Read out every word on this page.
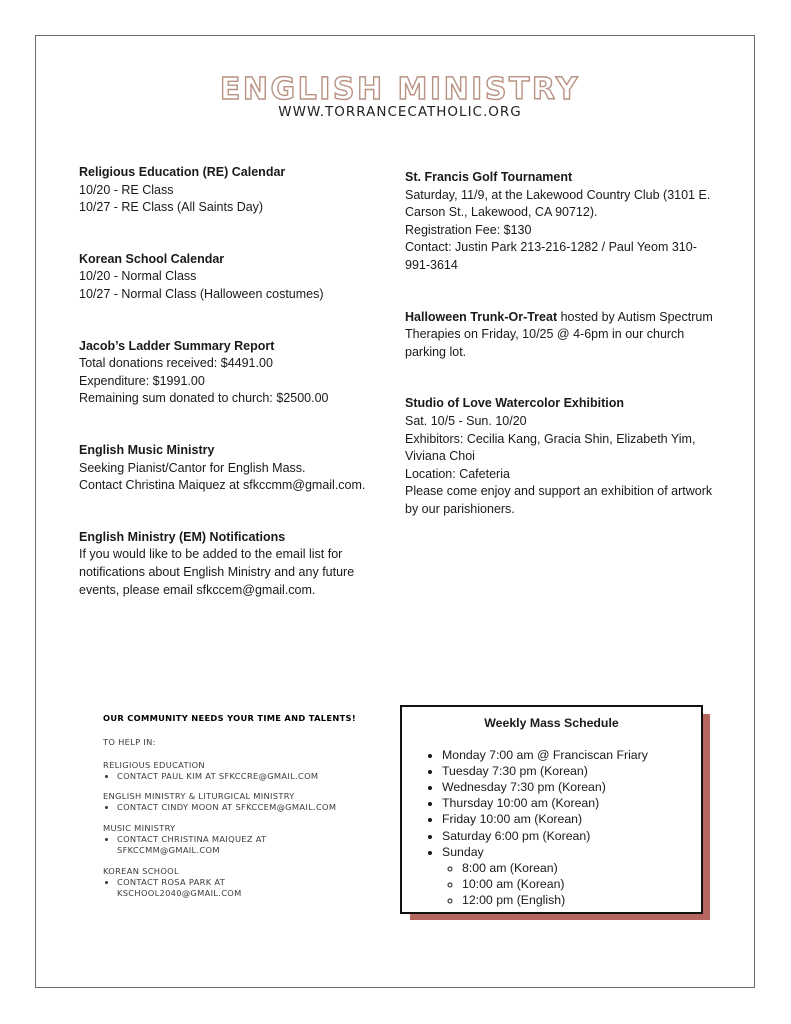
ENGLISH MINISTRY
WWW.TORRANCECATHOLIC.ORG
Religious Education (RE) Calendar
10/20 - RE Class
10/27 - RE Class (All Saints Day)
Korean School Calendar
10/20 - Normal Class
10/27 - Normal Class (Halloween costumes)
Jacob’s Ladder Summary Report
Total donations received: $4491.00
Expenditure: $1991.00
Remaining sum donated to church: $2500.00
English Music Ministry
Seeking Pianist/Cantor for English Mass.
Contact Christina Maiquez at sfkccmm@gmail.com.
English Ministry (EM) Notifications
If you would like to be added to the email list for
notifications about English Ministry and any future
events, please email sfkccem@gmail.com.
St. Francis Golf Tournament
Saturday, 11/9, at the Lakewood Country Club (3101 E.
Carson St., Lakewood, CA 90712).
Registration Fee: $130
Contact: Justin Park 213-216-1282 / Paul Yeom 310-
991-3614
Halloween Trunk-Or-Treat hosted by Autism Spectrum
Therapies on Friday, 10/25 @ 4-6pm in our church
parking lot.
Studio of Love Watercolor Exhibition
Sat. 10/5 - Sun. 10/20
Exhibitors: Cecilia Kang, Gracia Shin, Elizabeth Yim,
Viviana Choi
Location: Cafeteria
Please come enjoy and support an exhibition of artwork
by our parishioners.
OUR COMMUNITY NEEDS YOUR TIME AND TALENTS!
TO HELP IN:
RELIGIOUS EDUCATION
• CONTACT PAUL KIM AT SFKCCRE@GMAIL.COM
ENGLISH MINISTRY & LITURGICAL MINISTRY
• CONTACT CINDY MOON AT SFKCCEM@GMAIL.COM
MUSIC MINISTRY
• CONTACT CHRISTINA MAIQUEZ AT SFKCCMM@GMAIL.COM
KOREAN SCHOOL
• CONTACT ROSA PARK AT KSCHOOL2040@GMAIL.COM
Weekly Mass Schedule
• Monday 7:00 am @ Franciscan Friary
• Tuesday 7:30 pm (Korean)
• Wednesday 7:30 pm (Korean)
• Thursday 10:00 am (Korean)
• Friday 10:00 am (Korean)
• Saturday 6:00 pm (Korean)
• Sunday
◦ 8:00 am (Korean)
◦ 10:00 am (Korean)
◦ 12:00 pm (English)
